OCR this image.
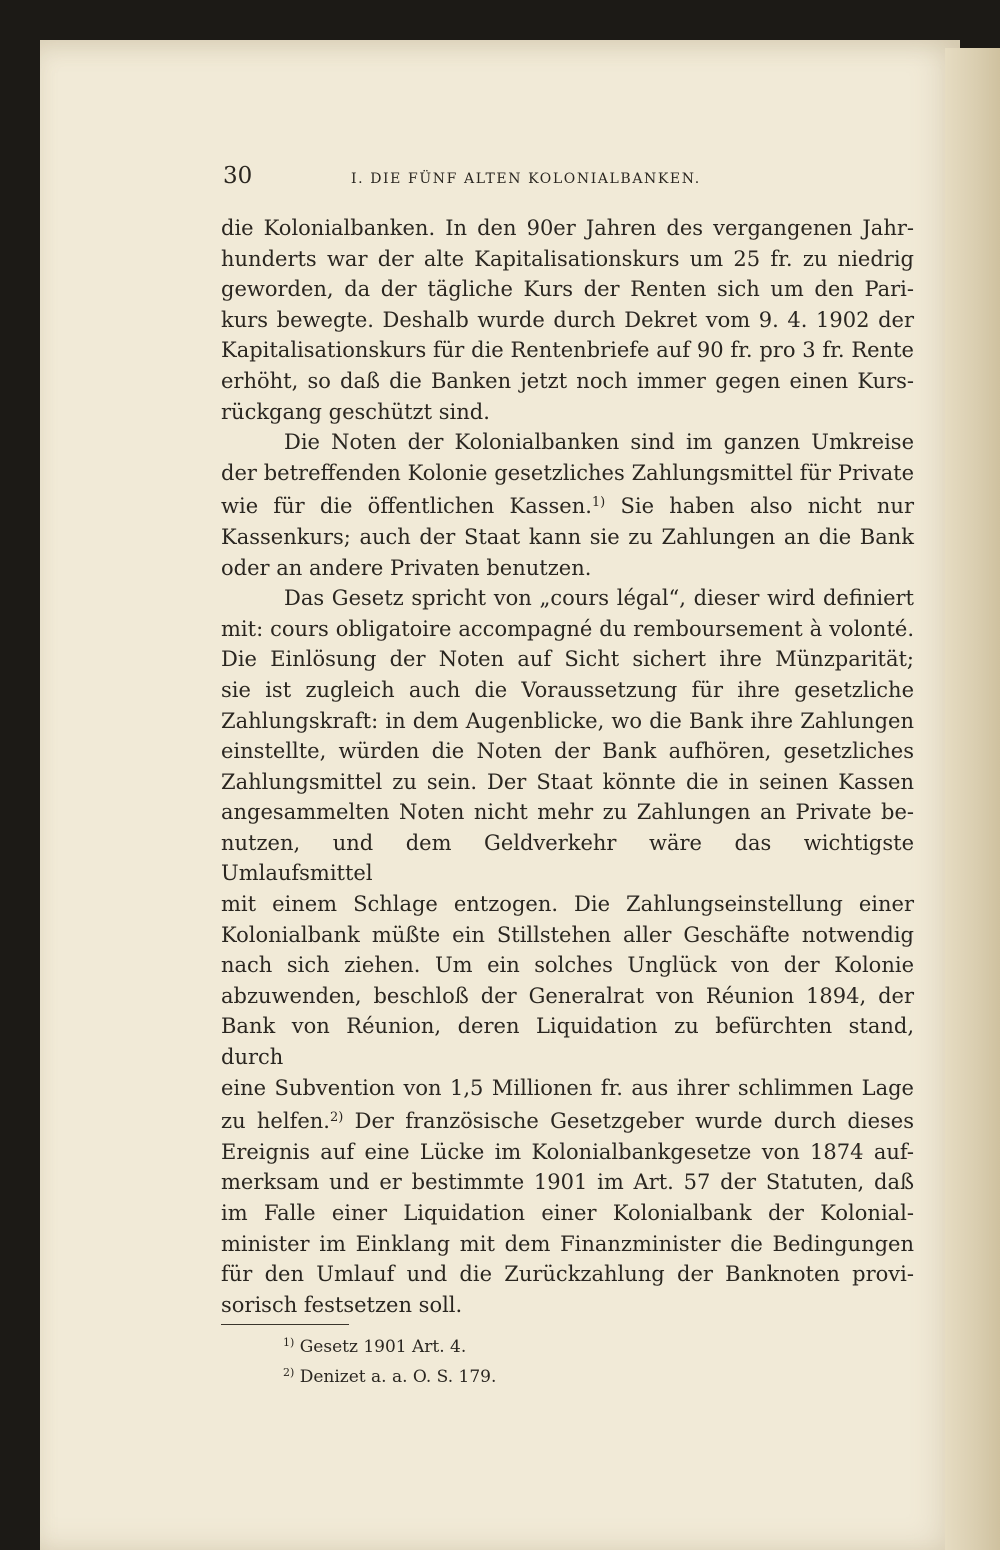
30	I. DIE FÜNF ALTEN KOLONIALBANKEN.

die Kolonialbanken. In den 90er Jahren des vergangenen Jahr-
hunderts war der alte Kapitalisationskurs um 25 fr. zu niedrig
geworden, da der tägliche Kurs der Renten sich um den Pari-
kurs bewegte. Deshalb wurde durch Dekret vom 9. 4. 1902 der
Kapitalisationskurs für die Rentenbriefe auf 90 fr. pro 3 fr. Rente
erhöht, so daß die Banken jetzt noch immer gegen einen Kurs-
rückgang geschützt sind.

Die Noten der Kolonialbanken sind im ganzen Umkreise
der betreffenden Kolonie gesetzliches Zahlungsmittel für Private
wie für die öffentlichen Kassen.$^{1)}$ Sie haben also nicht nur
Kassenkurs; auch der Staat kann sie zu Zahlungen an die Bank
oder an andere Privaten benutzen.

Das Gesetz spricht von „cours légal“, dieser wird definiert
mit: cours obligatoire accompagné du remboursement à volonté.
Die Einlösung der Noten auf Sicht sichert ihre Münzparität;
sie ist zugleich auch die Voraussetzung für ihre gesetzliche
Zahlungskraft: in dem Augenblicke, wo die Bank ihre Zahlungen
einstellte, würden die Noten der Bank aufhören, gesetzliches
Zahlungsmittel zu sein. Der Staat könnte die in seinen Kassen
angesammelten Noten nicht mehr zu Zahlungen an Private be-
nutzen, und dem Geldverkehr wäre das wichtigste Umlaufsmittel
mit einem Schlage entzogen. Die Zahlungseinstellung einer
Kolonialbank müßte ein Stillstehen aller Geschäfte notwendig
nach sich ziehen. Um ein solches Unglück von der Kolonie
abzuwenden, beschloß der Generalrat von Réunion 1894, der
Bank von Réunion, deren Liquidation zu befürchten stand, durch
eine Subvention von 1,5 Millionen fr. aus ihrer schlimmen Lage
zu helfen.$^{2)}$ Der französische Gesetzgeber wurde durch dieses
Ereignis auf eine Lücke im Kolonialbankgesetze von 1874 auf-
merksam und er bestimmte 1901 im Art. 57 der Statuten, daß
im Falle einer Liquidation einer Kolonialbank der Kolonial-
minister im Einklang mit dem Finanzminister die Bedingungen
für den Umlauf und die Zurückzahlung der Banknoten provi-
sorisch festsetzen soll.

$^{1)}$ Gesetz 1901 Art. 4.
$^{2)}$ Denizet a. a. O. S. 179.
